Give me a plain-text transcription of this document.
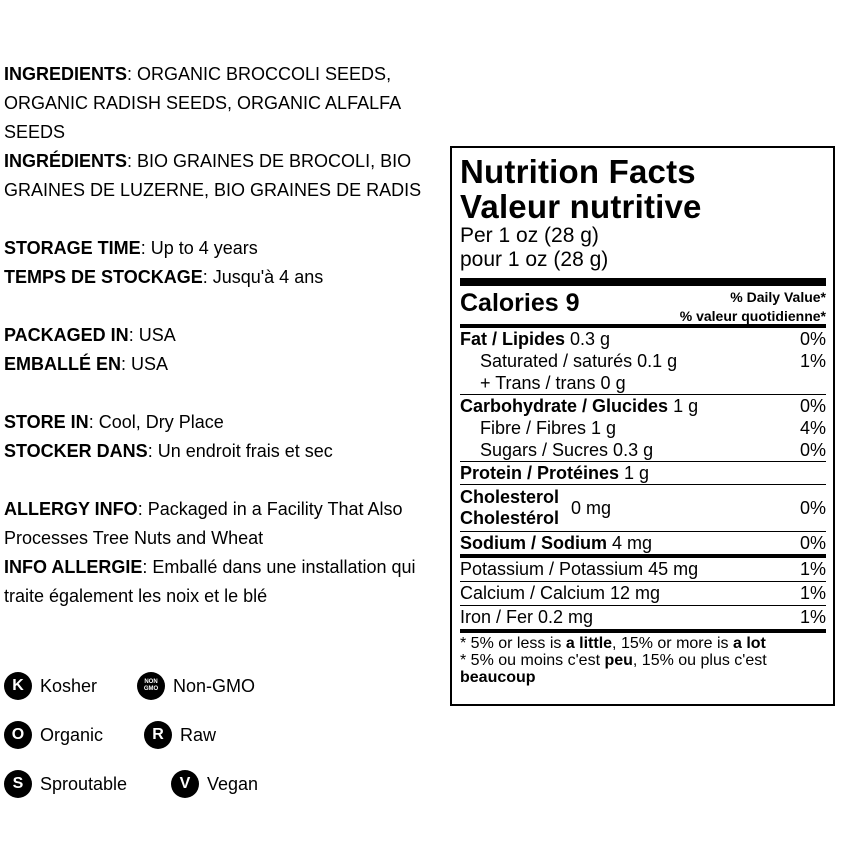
INGREDIENTS: ORGANIC BROCCOLI SEEDS, ORGANIC RADISH SEEDS, ORGANIC ALFALFA SEEDS

INGRÉDIENTS: BIO GRAINES DE BROCOLI, BIO GRAINES DE LUZERNE, BIO GRAINES DE RADIS

STORAGE TIME: Up to 4 years

TEMPS DE STOCKAGE: Jusqu'à 4 ans

PACKAGED IN: USA

EMBALLÉ EN: USA

STORE IN: Cool, Dry Place

STOCKER DANS: Un endroit frais et sec

ALLERGY INFO: Packaged in a Facility That Also Processes Tree Nuts and Wheat

INFO ALLERGIE: Emballé dans une installation qui traite également les noix et le blé

K Kosher	NON GMO Non-GMO
O Organic	R Raw
S Sproutable	V Vegan
Nutrition Facts
Valeur nutritive
Per 1 oz (28 g)
pour 1 oz (28 g)
Calories 9	% Daily Value*
% valeur quotidienne*
Fat / Lipides 0.3 g	0%
Saturated / saturés 0.1 g	1%
+ Trans / trans 0 g
Carbohydrate / Glucides 1 g	0%
Fibre / Fibres 1 g	4%
Sugars / Sucres 0.3 g	0%
Protein / Protéines 1 g
Cholesterol
Cholestérol
0 mg	0%
Sodium / Sodium 4 mg	0%
Potassium / Potassium 45 mg	1%
Calcium / Calcium 12 mg	1%
Iron / Fer 0.2 mg	1%
* 5% or less is a little, 15% or more is a lot
* 5% ou moins c'est peu, 15% ou plus c'est beaucoup
